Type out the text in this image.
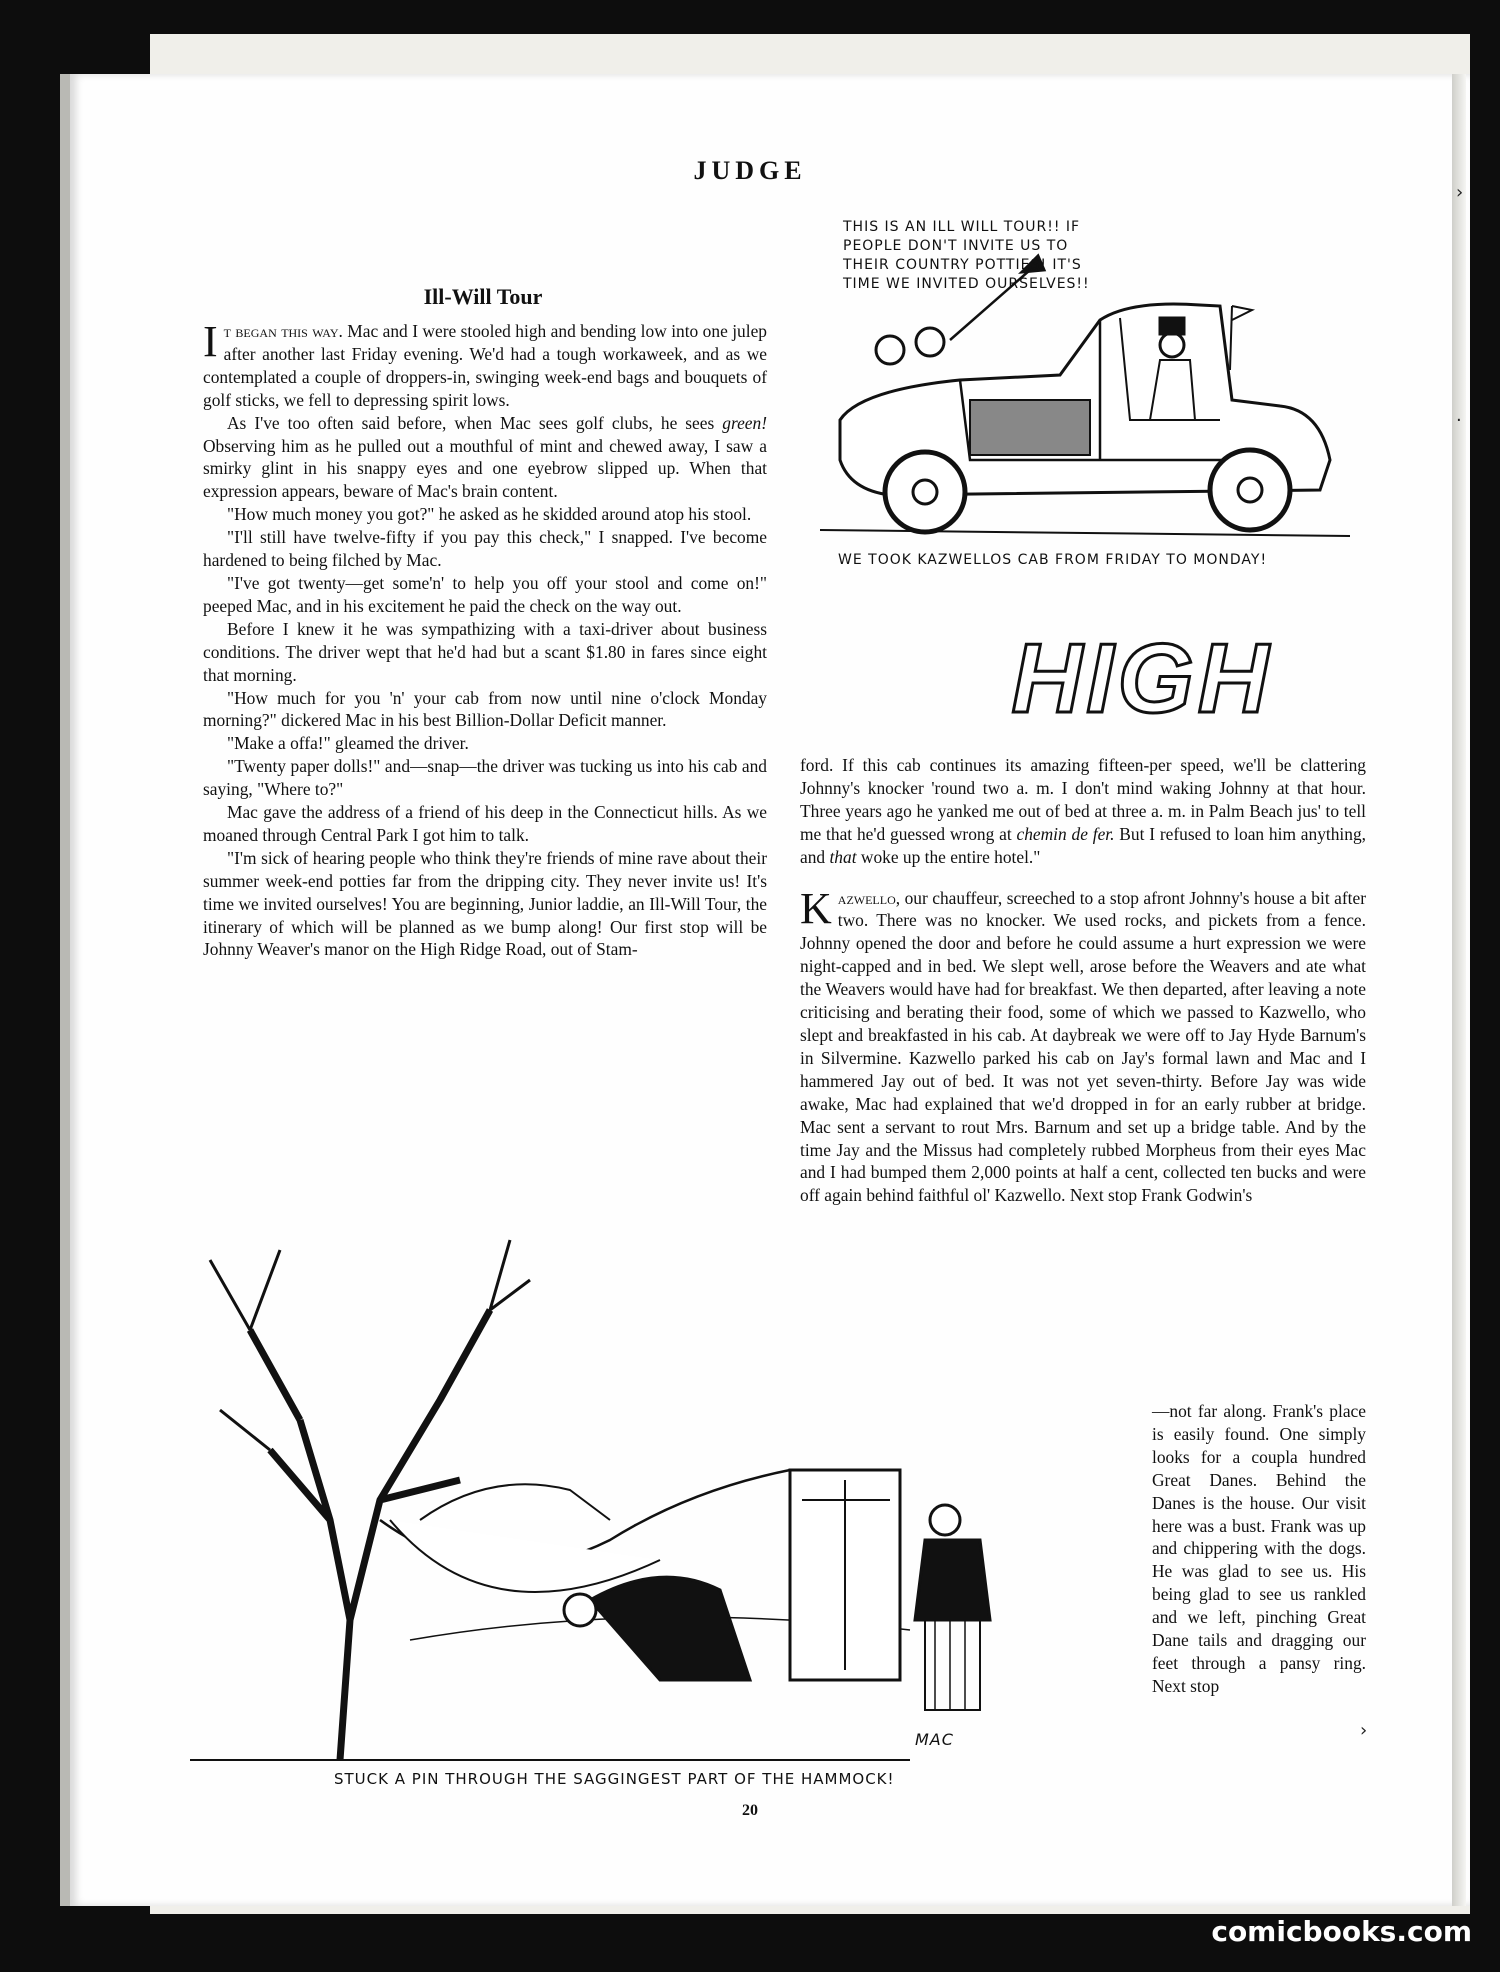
›
·
›
JUDGE
Ill-Will Tour

It began this way. Mac and I were stooled high and bending low into one julep after another last Friday evening. We'd had a tough workaweek, and as we contemplated a couple of droppers-in, swinging week-end bags and bouquets of golf sticks, we fell to depressing spirit lows.

As I've too often said before, when Mac sees golf clubs, he sees green! Observing him as he pulled out a mouthful of mint and chewed away, I saw a smirky glint in his snappy eyes and one eyebrow slipped up. When that expression appears, beware of Mac's brain content.

"How much money you got?" he asked as he skidded around atop his stool.

"I'll still have twelve-fifty if you pay this check," I snapped. I've become hardened to being filched by Mac.

"I've got twenty—get some'n' to help you off your stool and come on!" peeped Mac, and in his excitement he paid the check on the way out.

Before I knew it he was sympathizing with a taxi-driver about business conditions. The driver wept that he'd had but a scant $1.80 in fares since eight that morning.

"How much for you 'n' your cab from now until nine o'clock Monday morning?" dickered Mac in his best Billion-Dollar Deficit manner.

"Make a offa!" gleamed the driver.

"Twenty paper dolls!" and—snap—the driver was tucking us into his cab and saying, "Where to?"

Mac gave the address of a friend of his deep in the Connecticut hills. As we moaned through Central Park I got him to talk.

"I'm sick of hearing people who think they're friends of mine rave about their summer week-end potties far from the dripping city. They never invite us! It's time we invited ourselves! You are beginning, Junior laddie, an Ill-Will Tour, the itinerary of which will be planned as we bump along! Our first stop will be Johnny Weaver's manor on the High Ridge Road, out of Stam-

ford. If this cab continues its amazing fifteen-per speed, we'll be clattering Johnny's knocker 'round two a. m. I don't mind waking Johnny at that hour. Three years ago he yanked me out of bed at three a. m. in Palm Beach jus' to tell me that he'd guessed wrong at chemin de fer. But I refused to loan him anything, and that woke up the entire hotel."

Kazwello, our chauffeur, screeched to a stop afront Johnny's house a bit after two. There was no knocker. We used rocks, and pickets from a fence. Johnny opened the door and before he could assume a hurt expression we were night-capped and in bed. We slept well, arose before the Weavers and ate what the Weavers would have had for breakfast. We then departed, after leaving a note criticising and berating their food, some of which we passed to Kazwello, who slept and breakfasted in his cab. At daybreak we were off to Jay Hyde Barnum's in Silvermine. Kazwello parked his cab on Jay's formal lawn and Mac and I hammered Jay out of bed. It was not yet seven-thirty. Before Jay was wide awake, Mac had explained that we'd dropped in for an early rubber at bridge. Mac sent a servant to rout Mrs. Barnum and set up a bridge table. And by the time Jay and the Missus had completely rubbed Morpheus from their eyes Mac and I had bumped them 2,000 points at half a cent, collected ten bucks and were off again behind faithful ol' Kazwello. Next stop Frank Godwin's

—not far along. Frank's place is easily found. One simply looks for a coupla hundred Great Danes. Behind the Danes is the house. Our visit here was a bust. Frank was up and chippering with the dogs. He was glad to see us. His being glad to see us rankled and we left, pinching Great Dane tails and dragging our feet through a pansy ring. Next stop

THIS IS AN ILL WILL TOUR!! IF PEOPLE DON'T INVITE US TO THEIR COUNTRY POTTIES! IT'S TIME WE INVITED OURSELVES!!
WE TOOK KAZWELLOS CAB FROM FRIDAY TO MONDAY!
HIGH
STUCK A PIN THROUGH THE SAGGINGEST PART OF THE HAMMOCK!
MAC
20
comicbooks.com
